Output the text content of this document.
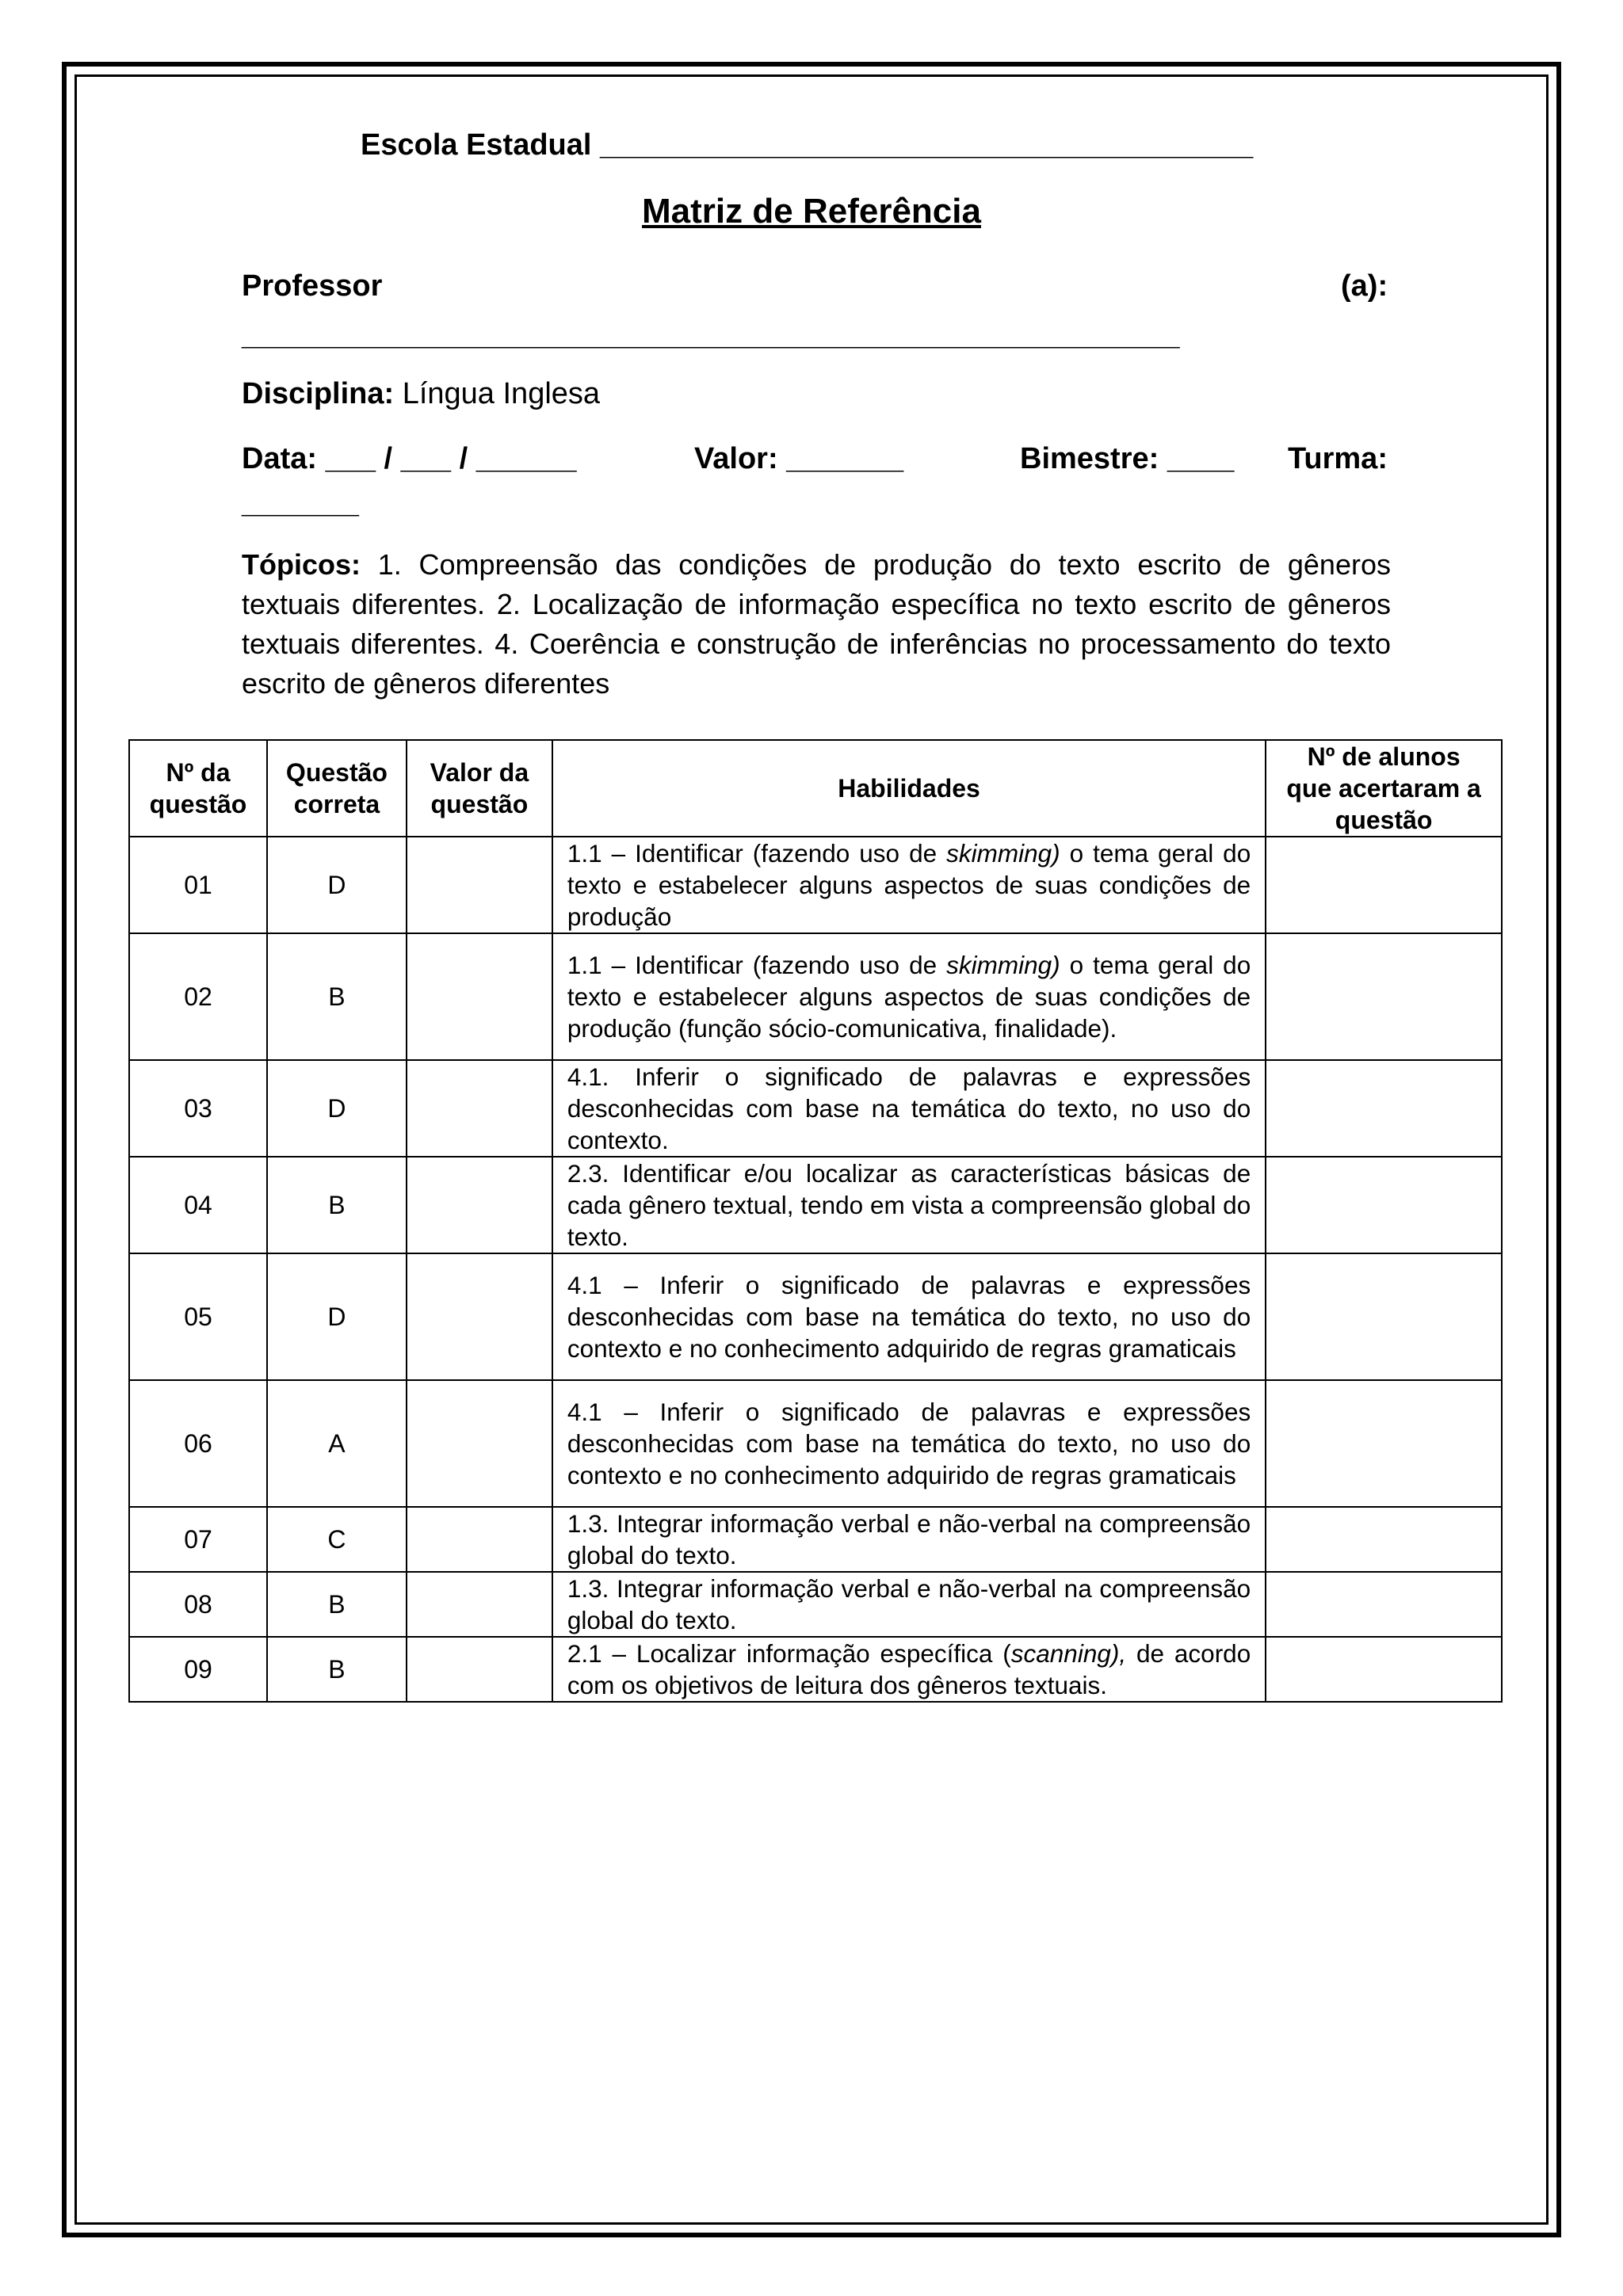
Escola Estadual _______________________________________
Matriz de Referência
Professor	(a):
________________________________________________________
Disciplina: Língua Inglesa
Data: ___ / ___ / ______	Valor: _______	Bimestre: ____ Turma:
_______
Tópicos: 1. Compreensão das condições de produção do texto escrito de gêneros textuais diferentes. 2. Localização de informação específica no texto escrito de gêneros textuais diferentes. 4. Coerência e construção de inferências no processamento do texto escrito de gêneros diferentes
Nº da questão	Questão correta	Valor da questão	Habilidades	Nº de alunos que acertaram a questão
01	D		1.1 – Identificar (fazendo uso de skimming) o tema geral do texto e estabelecer alguns aspectos de suas condições de produção	
02	B		1.1 – Identificar (fazendo uso de skimming) o tema geral do texto e estabelecer alguns aspectos de suas condições de produção (função sócio-comunicativa, finalidade).	
03	D		4.1. Inferir o significado de palavras e expressões desconhecidas com base na temática do texto, no uso do contexto.	
04	B		2.3. Identificar e/ou localizar as características básicas de cada gênero textual, tendo em vista a compreensão global do texto.	
05	D		4.1 – Inferir o significado de palavras e expressões desconhecidas com base na temática do texto, no uso do contexto e no conhecimento adquirido de regras gramaticais	
06	A		4.1 – Inferir o significado de palavras e expressões desconhecidas com base na temática do texto, no uso do contexto e no conhecimento adquirido de regras gramaticais	
07	C		1.3. Integrar informação verbal e não-verbal na compreensão global do texto.	
08	B		1.3. Integrar informação verbal e não-verbal na compreensão global do texto.	
09	B		2.1 – Localizar informação específica (scanning), de acordo com os objetivos de leitura dos gêneros textuais.	
